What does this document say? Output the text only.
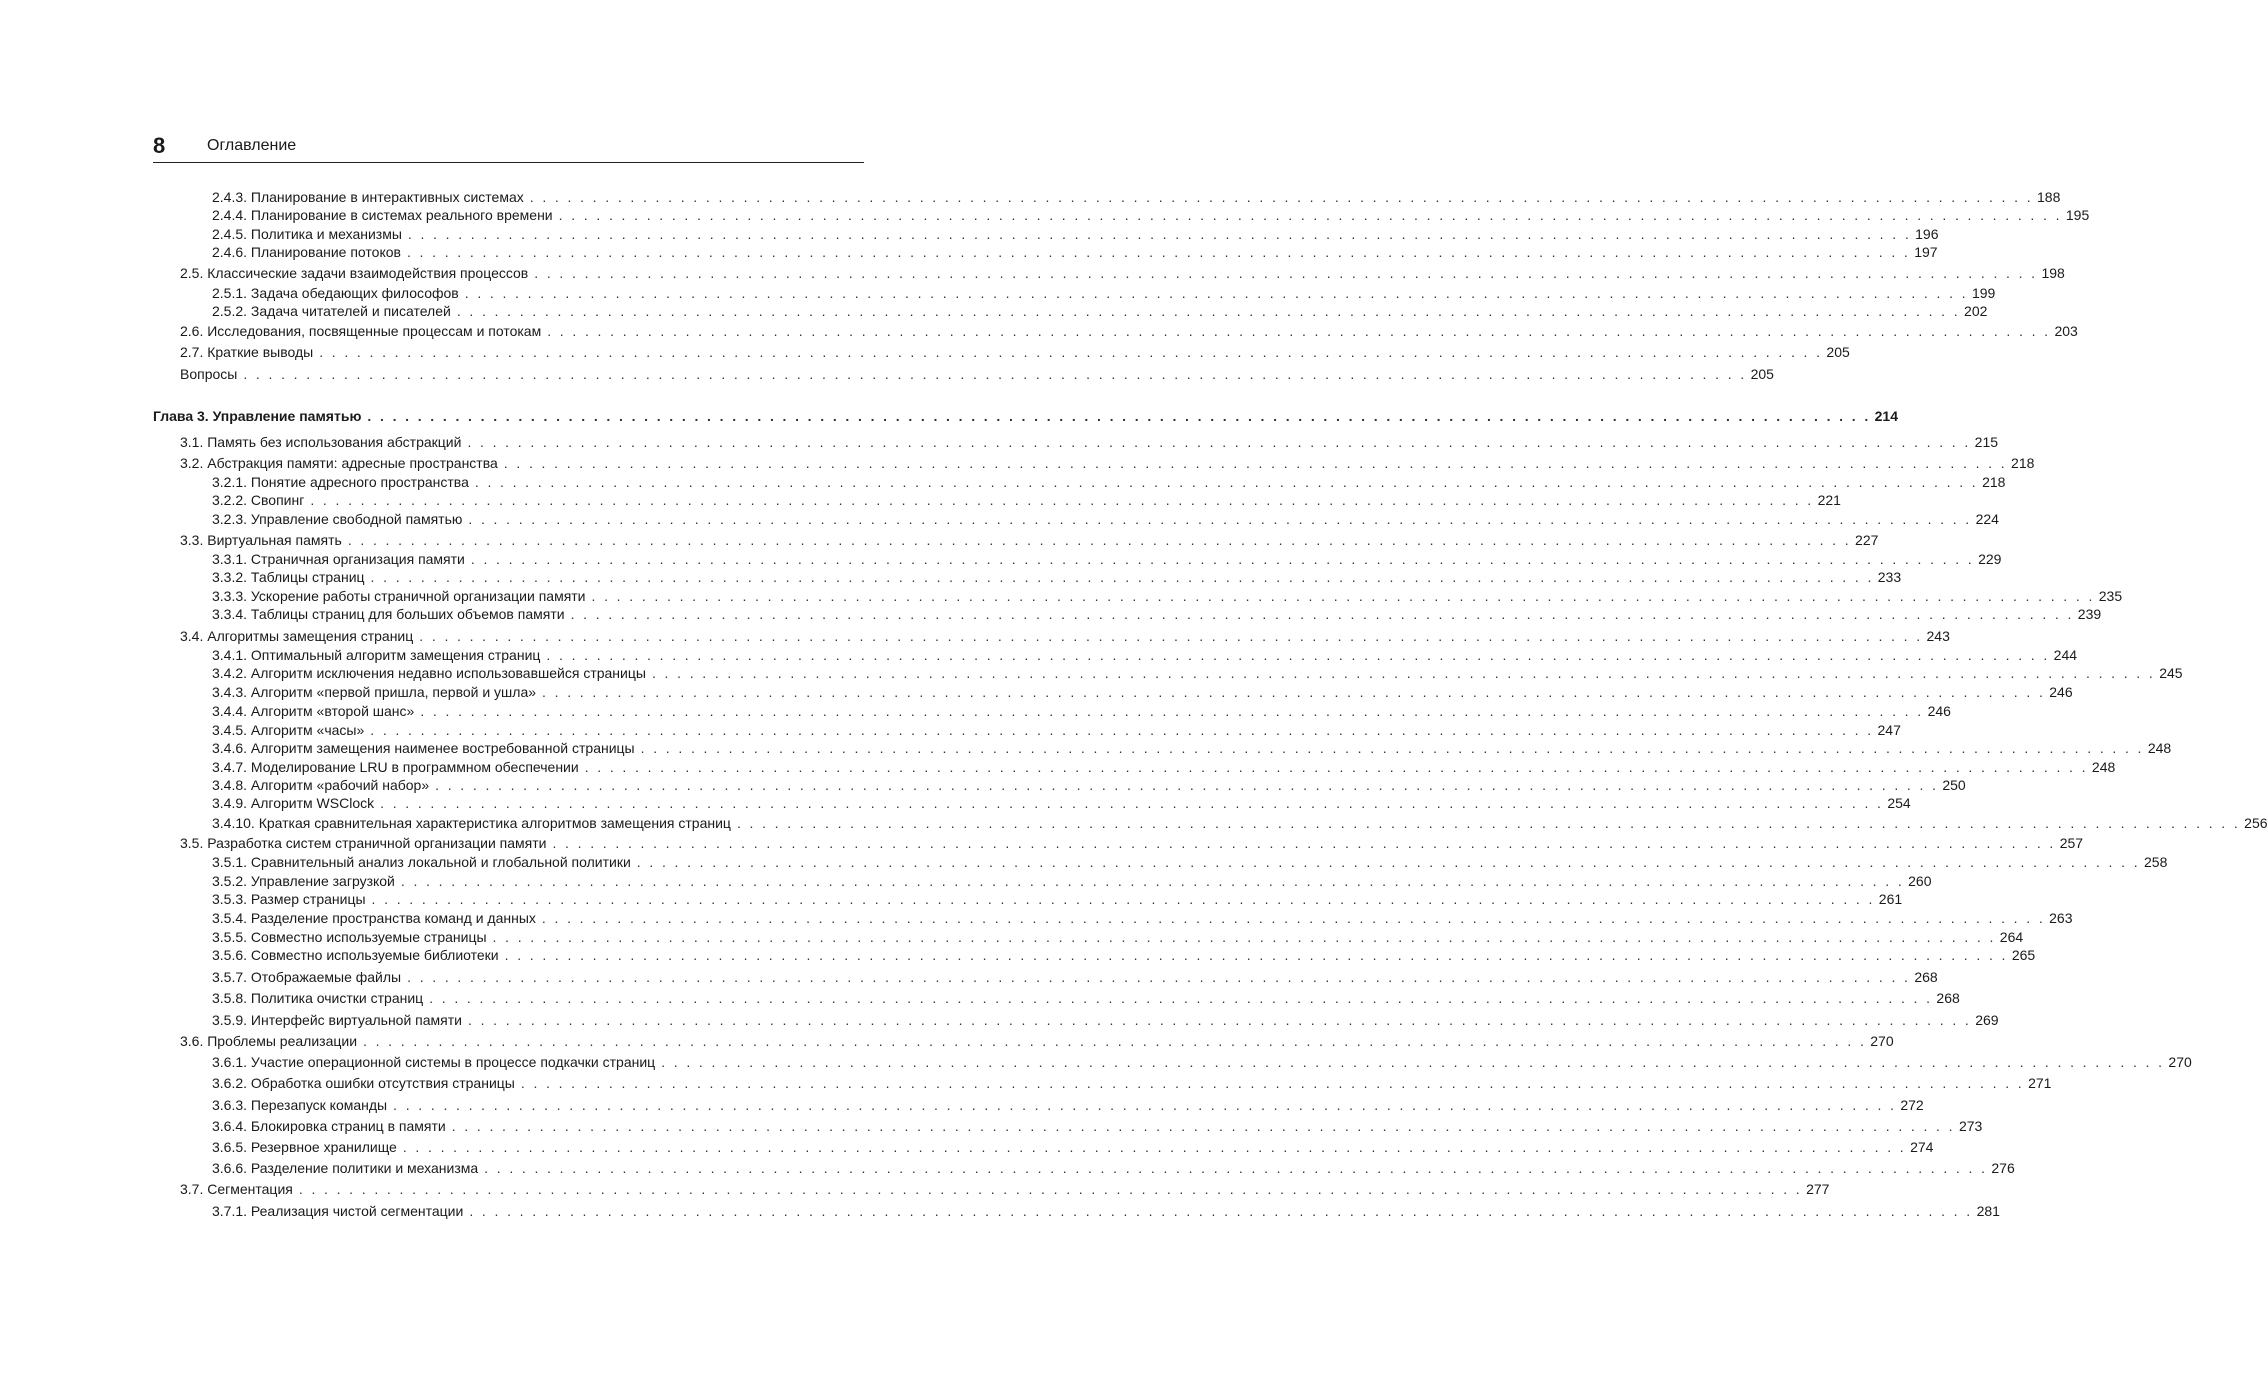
8	Оглавление
2.4.3. Планирование в интерактивных системах . . . . . . . . . . . . . . . . . . . . . . . . . . . . . . . . . . . . . . . . . . . . . . . . . . . . . . . . . . . . . . . . . . . . . . . . . . . . . . . . . . . . . . . . . . . . . . . . . . . . . . . . . . . . . . . . . . . . . . . . 188
2.4.4. Планирование в системах реального времени . . . . . . . . . . . . . . . . . . . . . . . . . . . . . . . . . . . . . . . . . . . . . . . . . . . . . . . . . . . . . . . . . . . . . . . . . . . . . . . . . . . . . . . . . . . . . . . . . . . . . . . . . . . . . . . . . . . . . . . . 195
2.4.5. Политика и механизмы . . . . . . . . . . . . . . . . . . . . . . . . . . . . . . . . . . . . . . . . . . . . . . . . . . . . . . . . . . . . . . . . . . . . . . . . . . . . . . . . . . . . . . . . . . . . . . . . . . . . . . . . . . . . . . . . . . . . . . . . 196
2.4.6. Планирование потоков . . . . . . . . . . . . . . . . . . . . . . . . . . . . . . . . . . . . . . . . . . . . . . . . . . . . . . . . . . . . . . . . . . . . . . . . . . . . . . . . . . . . . . . . . . . . . . . . . . . . . . . . . . . . . . . . . . . . . . . . 197
2.5. Классические задачи взаимодействия процессов . . . . . . . . . . . . . . . . . . . . . . . . . . . . . . . . . . . . . . . . . . . . . . . . . . . . . . . . . . . . . . . . . . . . . . . . . . . . . . . . . . . . . . . . . . . . . . . . . . . . . . . . . . . . . . . . . . . . . . . . 198
2.5.1. Задача обедающих философов . . . . . . . . . . . . . . . . . . . . . . . . . . . . . . . . . . . . . . . . . . . . . . . . . . . . . . . . . . . . . . . . . . . . . . . . . . . . . . . . . . . . . . . . . . . . . . . . . . . . . . . . . . . . . . . . . . . . . . . . 199
2.5.2. Задача читателей и писателей . . . . . . . . . . . . . . . . . . . . . . . . . . . . . . . . . . . . . . . . . . . . . . . . . . . . . . . . . . . . . . . . . . . . . . . . . . . . . . . . . . . . . . . . . . . . . . . . . . . . . . . . . . . . . . . . . . . . . . . . 202
2.6. Исследования, посвященные процессам и потокам . . . . . . . . . . . . . . . . . . . . . . . . . . . . . . . . . . . . . . . . . . . . . . . . . . . . . . . . . . . . . . . . . . . . . . . . . . . . . . . . . . . . . . . . . . . . . . . . . . . . . . . . . . . . . . . . . . . . . . . . 203
2.7. Краткие выводы . . . . . . . . . . . . . . . . . . . . . . . . . . . . . . . . . . . . . . . . . . . . . . . . . . . . . . . . . . . . . . . . . . . . . . . . . . . . . . . . . . . . . . . . . . . . . . . . . . . . . . . . . . . . . . . . . . . . . . . . 205
Вопросы . . . . . . . . . . . . . . . . . . . . . . . . . . . . . . . . . . . . . . . . . . . . . . . . . . . . . . . . . . . . . . . . . . . . . . . . . . . . . . . . . . . . . . . . . . . . . . . . . . . . . . . . . . . . . . . . . . . . . . . . 205
Глава 3. Управление памятью . . . . . . . . . . . . . . . . . . . . . . . . . . . . . . . . . . . . . . . . . . . . . . . . . . . . . . . . . . . . . . . . . . . . . . . . . . . . . . . . . . . . . . . . . . . . . . . . . . . . . . . . . . . . . . . . . . . . . . . . 214
3.1. Память без использования абстракций . . . . . . . . . . . . . . . . . . . . . . . . . . . . . . . . . . . . . . . . . . . . . . . . . . . . . . . . . . . . . . . . . . . . . . . . . . . . . . . . . . . . . . . . . . . . . . . . . . . . . . . . . . . . . . . . . . . . . . . . 215
3.2. Абстракция памяти: адресные пространства . . . . . . . . . . . . . . . . . . . . . . . . . . . . . . . . . . . . . . . . . . . . . . . . . . . . . . . . . . . . . . . . . . . . . . . . . . . . . . . . . . . . . . . . . . . . . . . . . . . . . . . . . . . . . . . . . . . . . . . . 218
3.2.1. Понятие адресного пространства . . . . . . . . . . . . . . . . . . . . . . . . . . . . . . . . . . . . . . . . . . . . . . . . . . . . . . . . . . . . . . . . . . . . . . . . . . . . . . . . . . . . . . . . . . . . . . . . . . . . . . . . . . . . . . . . . . . . . . . . 218
3.2.2. Свопинг . . . . . . . . . . . . . . . . . . . . . . . . . . . . . . . . . . . . . . . . . . . . . . . . . . . . . . . . . . . . . . . . . . . . . . . . . . . . . . . . . . . . . . . . . . . . . . . . . . . . . . . . . . . . . . . . . . . . . . . . 221
3.2.3. Управление свободной памятью . . . . . . . . . . . . . . . . . . . . . . . . . . . . . . . . . . . . . . . . . . . . . . . . . . . . . . . . . . . . . . . . . . . . . . . . . . . . . . . . . . . . . . . . . . . . . . . . . . . . . . . . . . . . . . . . . . . . . . . . 224
3.3. Виртуальная память . . . . . . . . . . . . . . . . . . . . . . . . . . . . . . . . . . . . . . . . . . . . . . . . . . . . . . . . . . . . . . . . . . . . . . . . . . . . . . . . . . . . . . . . . . . . . . . . . . . . . . . . . . . . . . . . . . . . . . . . 227
3.3.1. Страничная организация памяти . . . . . . . . . . . . . . . . . . . . . . . . . . . . . . . . . . . . . . . . . . . . . . . . . . . . . . . . . . . . . . . . . . . . . . . . . . . . . . . . . . . . . . . . . . . . . . . . . . . . . . . . . . . . . . . . . . . . . . . . 229
3.3.2. Таблицы страниц . . . . . . . . . . . . . . . . . . . . . . . . . . . . . . . . . . . . . . . . . . . . . . . . . . . . . . . . . . . . . . . . . . . . . . . . . . . . . . . . . . . . . . . . . . . . . . . . . . . . . . . . . . . . . . . . . . . . . . . . 233
3.3.3. Ускорение работы страничной организации памяти . . . . . . . . . . . . . . . . . . . . . . . . . . . . . . . . . . . . . . . . . . . . . . . . . . . . . . . . . . . . . . . . . . . . . . . . . . . . . . . . . . . . . . . . . . . . . . . . . . . . . . . . . . . . . . . . . . . . . . . . 235
3.3.4. Таблицы страниц для больших объемов памяти . . . . . . . . . . . . . . . . . . . . . . . . . . . . . . . . . . . . . . . . . . . . . . . . . . . . . . . . . . . . . . . . . . . . . . . . . . . . . . . . . . . . . . . . . . . . . . . . . . . . . . . . . . . . . . . . . . . . . . . . 239
3.4. Алгоритмы замещения страниц . . . . . . . . . . . . . . . . . . . . . . . . . . . . . . . . . . . . . . . . . . . . . . . . . . . . . . . . . . . . . . . . . . . . . . . . . . . . . . . . . . . . . . . . . . . . . . . . . . . . . . . . . . . . . . . . . . . . . . . . 243
3.4.1. Оптимальный алгоритм замещения страниц . . . . . . . . . . . . . . . . . . . . . . . . . . . . . . . . . . . . . . . . . . . . . . . . . . . . . . . . . . . . . . . . . . . . . . . . . . . . . . . . . . . . . . . . . . . . . . . . . . . . . . . . . . . . . . . . . . . . . . . . 244
3.4.2. Алгоритм исключения недавно использовавшейся страницы . . . . . . . . . . . . . . . . . . . . . . . . . . . . . . . . . . . . . . . . . . . . . . . . . . . . . . . . . . . . . . . . . . . . . . . . . . . . . . . . . . . . . . . . . . . . . . . . . . . . . . . . . . . . . . . . . . . . . . . . 245
3.4.3. Алгоритм «первой пришла, первой и ушла» . . . . . . . . . . . . . . . . . . . . . . . . . . . . . . . . . . . . . . . . . . . . . . . . . . . . . . . . . . . . . . . . . . . . . . . . . . . . . . . . . . . . . . . . . . . . . . . . . . . . . . . . . . . . . . . . . . . . . . . . 246
3.4.4. Алгоритм «второй шанс» . . . . . . . . . . . . . . . . . . . . . . . . . . . . . . . . . . . . . . . . . . . . . . . . . . . . . . . . . . . . . . . . . . . . . . . . . . . . . . . . . . . . . . . . . . . . . . . . . . . . . . . . . . . . . . . . . . . . . . . . 246
3.4.5. Алгоритм «часы» . . . . . . . . . . . . . . . . . . . . . . . . . . . . . . . . . . . . . . . . . . . . . . . . . . . . . . . . . . . . . . . . . . . . . . . . . . . . . . . . . . . . . . . . . . . . . . . . . . . . . . . . . . . . . . . . . . . . . . . . 247
3.4.6. Алгоритм замещения наименее востребованной страницы . . . . . . . . . . . . . . . . . . . . . . . . . . . . . . . . . . . . . . . . . . . . . . . . . . . . . . . . . . . . . . . . . . . . . . . . . . . . . . . . . . . . . . . . . . . . . . . . . . . . . . . . . . . . . . . . . . . . . . . . 248
3.4.7. Моделирование LRU в программном обеспечении . . . . . . . . . . . . . . . . . . . . . . . . . . . . . . . . . . . . . . . . . . . . . . . . . . . . . . . . . . . . . . . . . . . . . . . . . . . . . . . . . . . . . . . . . . . . . . . . . . . . . . . . . . . . . . . . . . . . . . . . 248
3.4.8. Алгоритм «рабочий набор» . . . . . . . . . . . . . . . . . . . . . . . . . . . . . . . . . . . . . . . . . . . . . . . . . . . . . . . . . . . . . . . . . . . . . . . . . . . . . . . . . . . . . . . . . . . . . . . . . . . . . . . . . . . . . . . . . . . . . . . . 250
3.4.9. Алгоритм WSClock . . . . . . . . . . . . . . . . . . . . . . . . . . . . . . . . . . . . . . . . . . . . . . . . . . . . . . . . . . . . . . . . . . . . . . . . . . . . . . . . . . . . . . . . . . . . . . . . . . . . . . . . . . . . . . . . . . . . . . . . 254
3.4.10. Краткая сравнительная характеристика алгоритмов замещения страниц . . . . . . . . . . . . . . . . . . . . . . . . . . . . . . . . . . . . . . . . . . . . . . . . . . . . . . . . . . . . . . . . . . . . . . . . . . . . . . . . . . . . . . . . . . . . . . . . . . . . . . . . . . . . . . . . . . . . . . . . 256
3.5. Разработка систем страничной организации памяти . . . . . . . . . . . . . . . . . . . . . . . . . . . . . . . . . . . . . . . . . . . . . . . . . . . . . . . . . . . . . . . . . . . . . . . . . . . . . . . . . . . . . . . . . . . . . . . . . . . . . . . . . . . . . . . . . . . . . . . . 257
3.5.1. Сравнительный анализ локальной и глобальной политики . . . . . . . . . . . . . . . . . . . . . . . . . . . . . . . . . . . . . . . . . . . . . . . . . . . . . . . . . . . . . . . . . . . . . . . . . . . . . . . . . . . . . . . . . . . . . . . . . . . . . . . . . . . . . . . . . . . . . . . . 258
3.5.2. Управление загрузкой . . . . . . . . . . . . . . . . . . . . . . . . . . . . . . . . . . . . . . . . . . . . . . . . . . . . . . . . . . . . . . . . . . . . . . . . . . . . . . . . . . . . . . . . . . . . . . . . . . . . . . . . . . . . . . . . . . . . . . . . 260
3.5.3. Размер страницы . . . . . . . . . . . . . . . . . . . . . . . . . . . . . . . . . . . . . . . . . . . . . . . . . . . . . . . . . . . . . . . . . . . . . . . . . . . . . . . . . . . . . . . . . . . . . . . . . . . . . . . . . . . . . . . . . . . . . . . . 261
3.5.4. Разделение пространства команд и данных . . . . . . . . . . . . . . . . . . . . . . . . . . . . . . . . . . . . . . . . . . . . . . . . . . . . . . . . . . . . . . . . . . . . . . . . . . . . . . . . . . . . . . . . . . . . . . . . . . . . . . . . . . . . . . . . . . . . . . . . 263
3.5.5. Совместно используемые страницы . . . . . . . . . . . . . . . . . . . . . . . . . . . . . . . . . . . . . . . . . . . . . . . . . . . . . . . . . . . . . . . . . . . . . . . . . . . . . . . . . . . . . . . . . . . . . . . . . . . . . . . . . . . . . . . . . . . . . . . . 264
3.5.6. Совместно используемые библиотеки . . . . . . . . . . . . . . . . . . . . . . . . . . . . . . . . . . . . . . . . . . . . . . . . . . . . . . . . . . . . . . . . . . . . . . . . . . . . . . . . . . . . . . . . . . . . . . . . . . . . . . . . . . . . . . . . . . . . . . . . 265
3.5.7. Отображаемые файлы . . . . . . . . . . . . . . . . . . . . . . . . . . . . . . . . . . . . . . . . . . . . . . . . . . . . . . . . . . . . . . . . . . . . . . . . . . . . . . . . . . . . . . . . . . . . . . . . . . . . . . . . . . . . . . . . . . . . . . . . 268
3.5.8. Политика очистки страниц . . . . . . . . . . . . . . . . . . . . . . . . . . . . . . . . . . . . . . . . . . . . . . . . . . . . . . . . . . . . . . . . . . . . . . . . . . . . . . . . . . . . . . . . . . . . . . . . . . . . . . . . . . . . . . . . . . . . . . . . 268
3.5.9. Интерфейс виртуальной памяти . . . . . . . . . . . . . . . . . . . . . . . . . . . . . . . . . . . . . . . . . . . . . . . . . . . . . . . . . . . . . . . . . . . . . . . . . . . . . . . . . . . . . . . . . . . . . . . . . . . . . . . . . . . . . . . . . . . . . . . . 269
3.6. Проблемы реализации . . . . . . . . . . . . . . . . . . . . . . . . . . . . . . . . . . . . . . . . . . . . . . . . . . . . . . . . . . . . . . . . . . . . . . . . . . . . . . . . . . . . . . . . . . . . . . . . . . . . . . . . . . . . . . . . . . . . . . . . 270
3.6.1. Участие операционной системы в процессе подкачки страниц . . . . . . . . . . . . . . . . . . . . . . . . . . . . . . . . . . . . . . . . . . . . . . . . . . . . . . . . . . . . . . . . . . . . . . . . . . . . . . . . . . . . . . . . . . . . . . . . . . . . . . . . . . . . . . . . . . . . . . . . 270
3.6.2. Обработка ошибки отсутствия страницы . . . . . . . . . . . . . . . . . . . . . . . . . . . . . . . . . . . . . . . . . . . . . . . . . . . . . . . . . . . . . . . . . . . . . . . . . . . . . . . . . . . . . . . . . . . . . . . . . . . . . . . . . . . . . . . . . . . . . . . . 271
3.6.3. Перезапуск команды . . . . . . . . . . . . . . . . . . . . . . . . . . . . . . . . . . . . . . . . . . . . . . . . . . . . . . . . . . . . . . . . . . . . . . . . . . . . . . . . . . . . . . . . . . . . . . . . . . . . . . . . . . . . . . . . . . . . . . . . 272
3.6.4. Блокировка страниц в памяти . . . . . . . . . . . . . . . . . . . . . . . . . . . . . . . . . . . . . . . . . . . . . . . . . . . . . . . . . . . . . . . . . . . . . . . . . . . . . . . . . . . . . . . . . . . . . . . . . . . . . . . . . . . . . . . . . . . . . . . . 273
3.6.5. Резервное хранилище . . . . . . . . . . . . . . . . . . . . . . . . . . . . . . . . . . . . . . . . . . . . . . . . . . . . . . . . . . . . . . . . . . . . . . . . . . . . . . . . . . . . . . . . . . . . . . . . . . . . . . . . . . . . . . . . . . . . . . . . 274
3.6.6. Разделение политики и механизма . . . . . . . . . . . . . . . . . . . . . . . . . . . . . . . . . . . . . . . . . . . . . . . . . . . . . . . . . . . . . . . . . . . . . . . . . . . . . . . . . . . . . . . . . . . . . . . . . . . . . . . . . . . . . . . . . . . . . . . . 276
3.7. Сегментация . . . . . . . . . . . . . . . . . . . . . . . . . . . . . . . . . . . . . . . . . . . . . . . . . . . . . . . . . . . . . . . . . . . . . . . . . . . . . . . . . . . . . . . . . . . . . . . . . . . . . . . . . . . . . . . . . . . . . . . . 277
3.7.1. Реализация чистой сегментации . . . . . . . . . . . . . . . . . . . . . . . . . . . . . . . . . . . . . . . . . . . . . . . . . . . . . . . . . . . . . . . . . . . . . . . . . . . . . . . . . . . . . . . . . . . . . . . . . . . . . . . . . . . . . . . . . . . . . . . . 281
